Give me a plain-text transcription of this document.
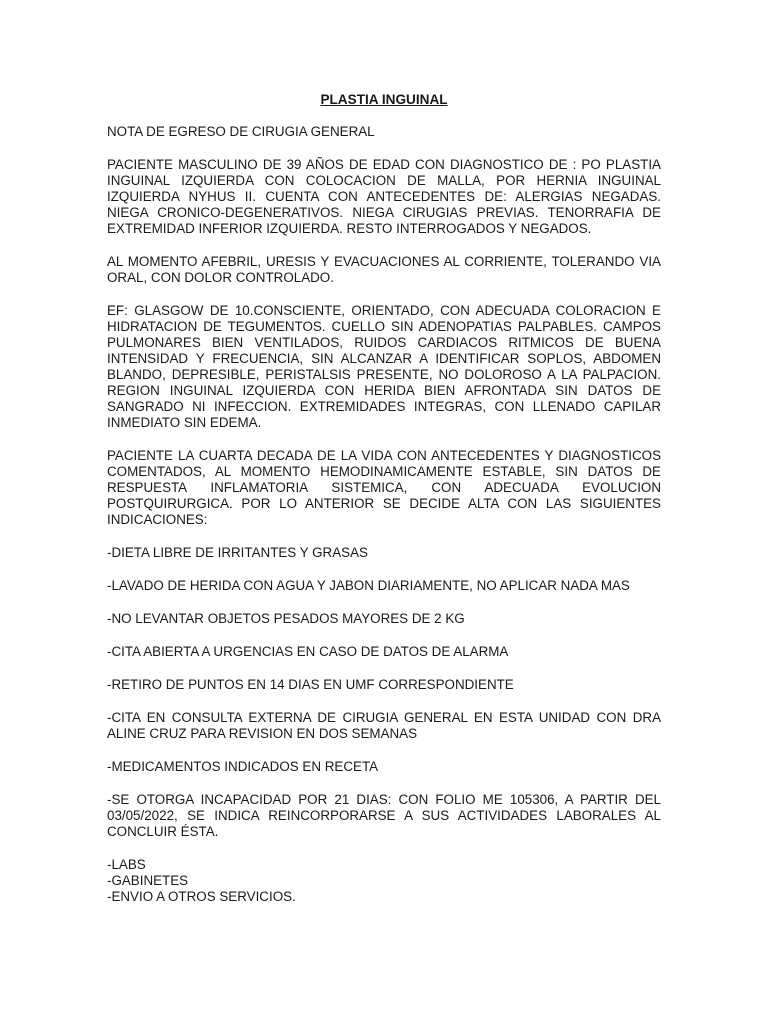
PLASTIA INGUINAL
NOTA DE EGRESO DE CIRUGIA GENERAL
PACIENTE MASCULINO DE 39 AÑOS DE EDAD CON DIAGNOSTICO DE : PO PLASTIA INGUINAL IZQUIERDA CON COLOCACION DE MALLA, POR HERNIA INGUINAL IZQUIERDA NYHUS II. CUENTA CON ANTECEDENTES DE: ALERGIAS NEGADAS. NIEGA CRONICO-DEGENERATIVOS. NIEGA CIRUGIAS PREVIAS. TENORRAFIA DE EXTREMIDAD INFERIOR IZQUIERDA. RESTO INTERROGADOS Y NEGADOS.
AL MOMENTO AFEBRIL, URESIS Y EVACUACIONES AL CORRIENTE, TOLERANDO VIA ORAL, CON DOLOR CONTROLADO.
EF: GLASGOW DE 10.CONSCIENTE, ORIENTADO, CON ADECUADA COLORACION E HIDRATACION DE TEGUMENTOS. CUELLO SIN ADENOPATIAS PALPABLES. CAMPOS PULMONARES BIEN VENTILADOS, RUIDOS CARDIACOS RITMICOS DE BUENA INTENSIDAD Y FRECUENCIA, SIN ALCANZAR A IDENTIFICAR SOPLOS, ABDOMEN BLANDO, DEPRESIBLE, PERISTALSIS PRESENTE, NO DOLOROSO A LA PALPACION. REGION INGUINAL IZQUIERDA CON HERIDA BIEN AFRONTADA SIN DATOS DE SANGRADO NI INFECCION. EXTREMIDADES INTEGRAS, CON LLENADO CAPILAR INMEDIATO SIN EDEMA.
PACIENTE LA CUARTA DECADA DE LA VIDA CON ANTECEDENTES Y DIAGNOSTICOS COMENTADOS, AL MOMENTO HEMODINAMICAMENTE ESTABLE, SIN DATOS DE RESPUESTA INFLAMATORIA SISTEMICA, CON ADECUADA EVOLUCION POSTQUIRURGICA. POR LO ANTERIOR SE DECIDE ALTA CON LAS SIGUIENTES INDICACIONES:
-DIETA LIBRE DE IRRITANTES Y GRASAS
-LAVADO DE HERIDA CON AGUA Y JABON DIARIAMENTE, NO APLICAR NADA MAS
-NO LEVANTAR OBJETOS PESADOS MAYORES DE 2 KG
-CITA ABIERTA A URGENCIAS EN CASO DE DATOS DE ALARMA
-RETIRO DE PUNTOS EN 14 DIAS EN UMF CORRESPONDIENTE
-CITA EN CONSULTA EXTERNA DE CIRUGIA GENERAL EN ESTA UNIDAD CON DRA ALINE CRUZ PARA REVISION EN DOS SEMANAS
-MEDICAMENTOS INDICADOS EN RECETA
-SE OTORGA INCAPACIDAD POR 21 DIAS: CON FOLIO ME 105306, A PARTIR DEL 03/05/2022, SE INDICA REINCORPORARSE A SUS ACTIVIDADES LABORALES AL CONCLUIR ÉSTA.
-LABS
-GABINETES
-ENVIO A OTROS SERVICIOS.
